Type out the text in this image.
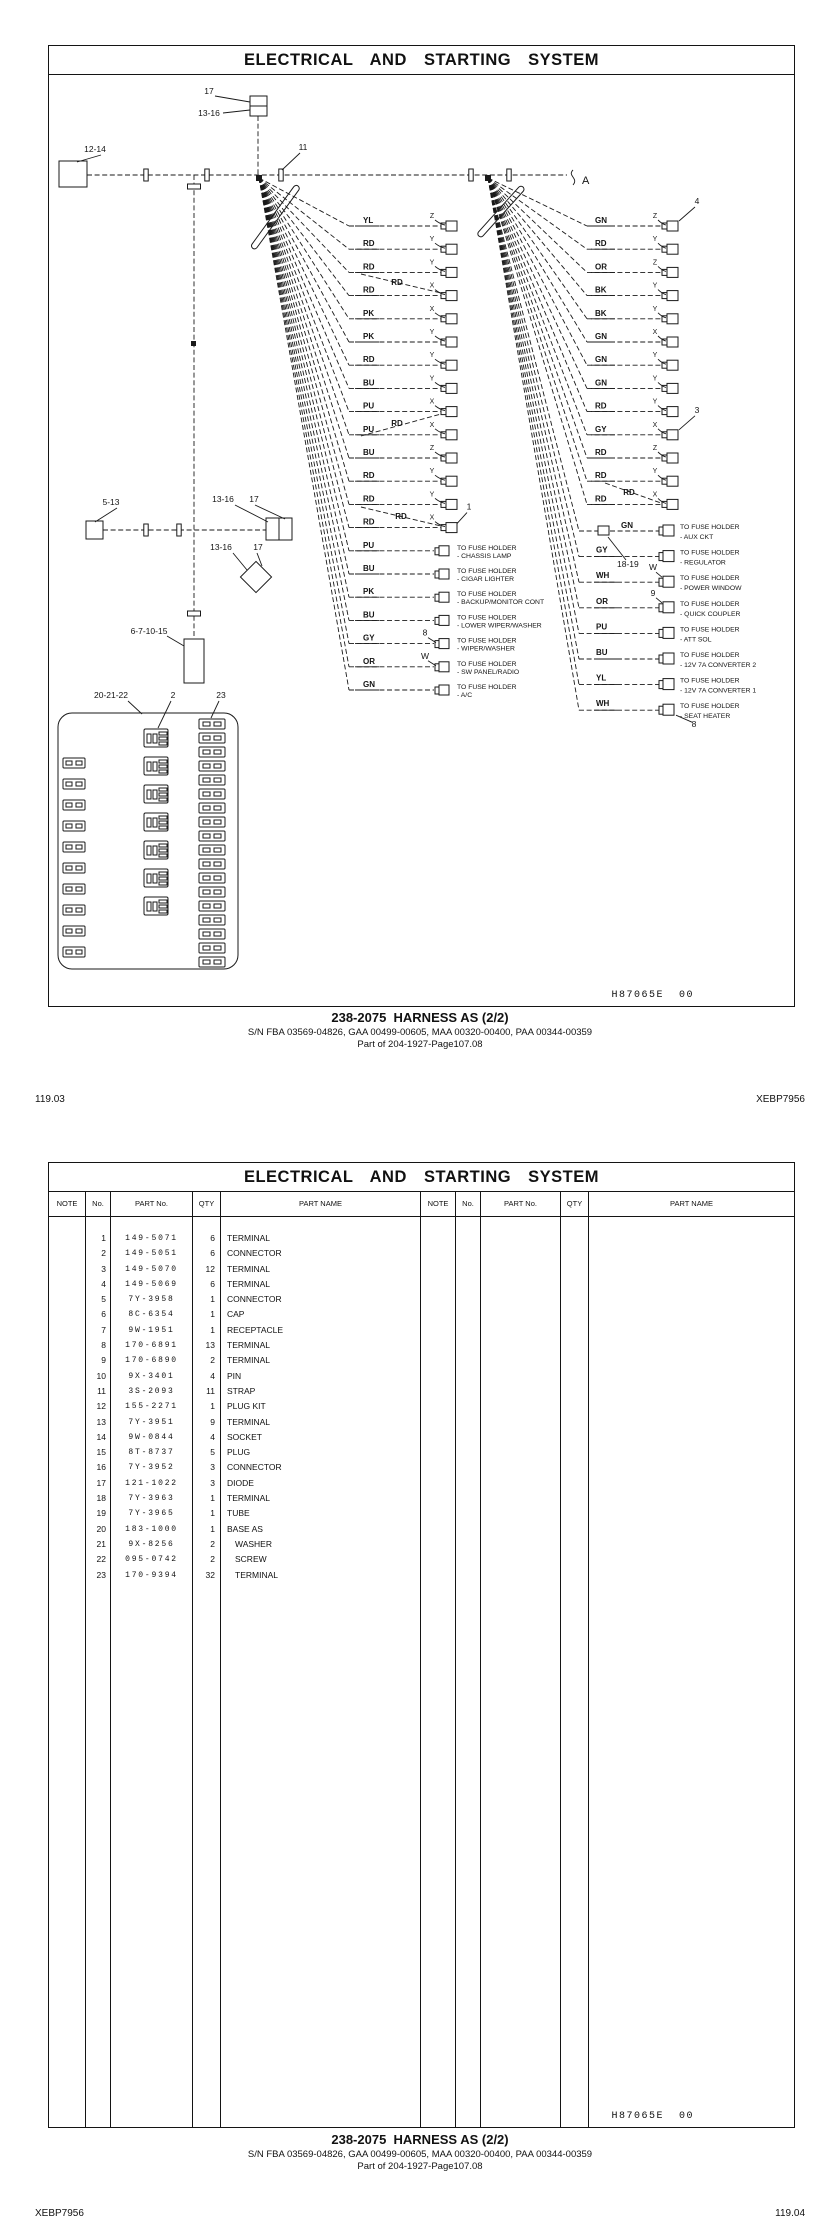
ELECTRICAL AND STARTING SYSTEM
17
13-16
12-14	11
5-13	13-16 17
13-16	17
6-7-10-15
20-21-22	2	23
A
RD
RD
RD
RD
YL	Z
RD	Y
RD	Y
RD	X
PK	X
PK	Y
RD	Y
BU	Y
PU	X
PU	X
BU	Z
RD	Y
RD	Y
RD	X
1
PU	TO FUSE HOLDER
- CHASSIS LAMP
BU	TO FUSE HOLDER
- CIGAR LIGHTER
PK	TO FUSE HOLDER
- BACKUP/MONITOR CONT
BU	TO FUSE HOLDER
- LOWER WIPER/WASHER
GY	TO FUSE HOLDER
- WIPER/WASHER
8
OR	TO FUSE HOLDER
- SW PANEL/RADIO
W
GN	TO FUSE HOLDER
- A/C
GN	Z
4
RD	Y
OR	Z
BK	Y
BK	Y
GN	X
GN	Y
GN	Y
RD	Y
GY	X
3
RD	Z
RD	Y
RD	X
GN
18-19
TO FUSE HOLDER
- AUX CKT
GY	TO FUSE HOLDER
- REGULATOR
WH	TO FUSE HOLDER
- POWER WINDOW
W
OR	TO FUSE HOLDER
- QUICK COUPLER
9
PU	TO FUSE HOLDER
- ATT SOL
BU	TO FUSE HOLDER
- 12V 7A CONVERTER 2
YL	TO FUSE HOLDER
- 12V 7A CONVERTER 1
WH	TO FUSE HOLDER
- SEAT HEATER
8
H87065E  00
238-2075  HARNESS AS (2/2)
S/N FBA 03569-04826, GAA 00499-00605, MAA 00320-00400, PAA 00344-00359
Part of 204-1927-Page107.08
119.03	XEBP7956
ELECTRICAL AND STARTING SYSTEM
NOTE	No.	PART No.	QTY	PART NAME	NOTE	No.	PART No.	QTY	PART NAME
1	149-5071	6	TERMINAL
2	149-5051	6	CONNECTOR
3	149-5070	12	TERMINAL
4	149-5069	6	TERMINAL
5	7Y-3958	1	CONNECTOR
6	8C-6354	1	CAP
7	9W-1951	1	RECEPTACLE
8	170-6891	13	TERMINAL
9	170-6890	2	TERMINAL
10	9X-3401	4	PIN
11	3S-2093	11	STRAP
12	155-2271	1	PLUG KIT
13	7Y-3951	9	TERMINAL
14	9W-0844	4	SOCKET
15	8T-8737	5	PLUG
16	7Y-3952	3	CONNECTOR
17	121-1022	3	DIODE
18	7Y-3963	1	TERMINAL
19	7Y-3965	1	TUBE
20	183-1000	1	BASE AS
21	9X-8256	2	WASHER
22	095-0742	2	SCREW
23	170-9394	32	TERMINAL
H87065E  00
238-2075  HARNESS AS (2/2)
S/N FBA 03569-04826, GAA 00499-00605, MAA 00320-00400, PAA 00344-00359
Part of 204-1927-Page107.08
XEBP7956	119.04
